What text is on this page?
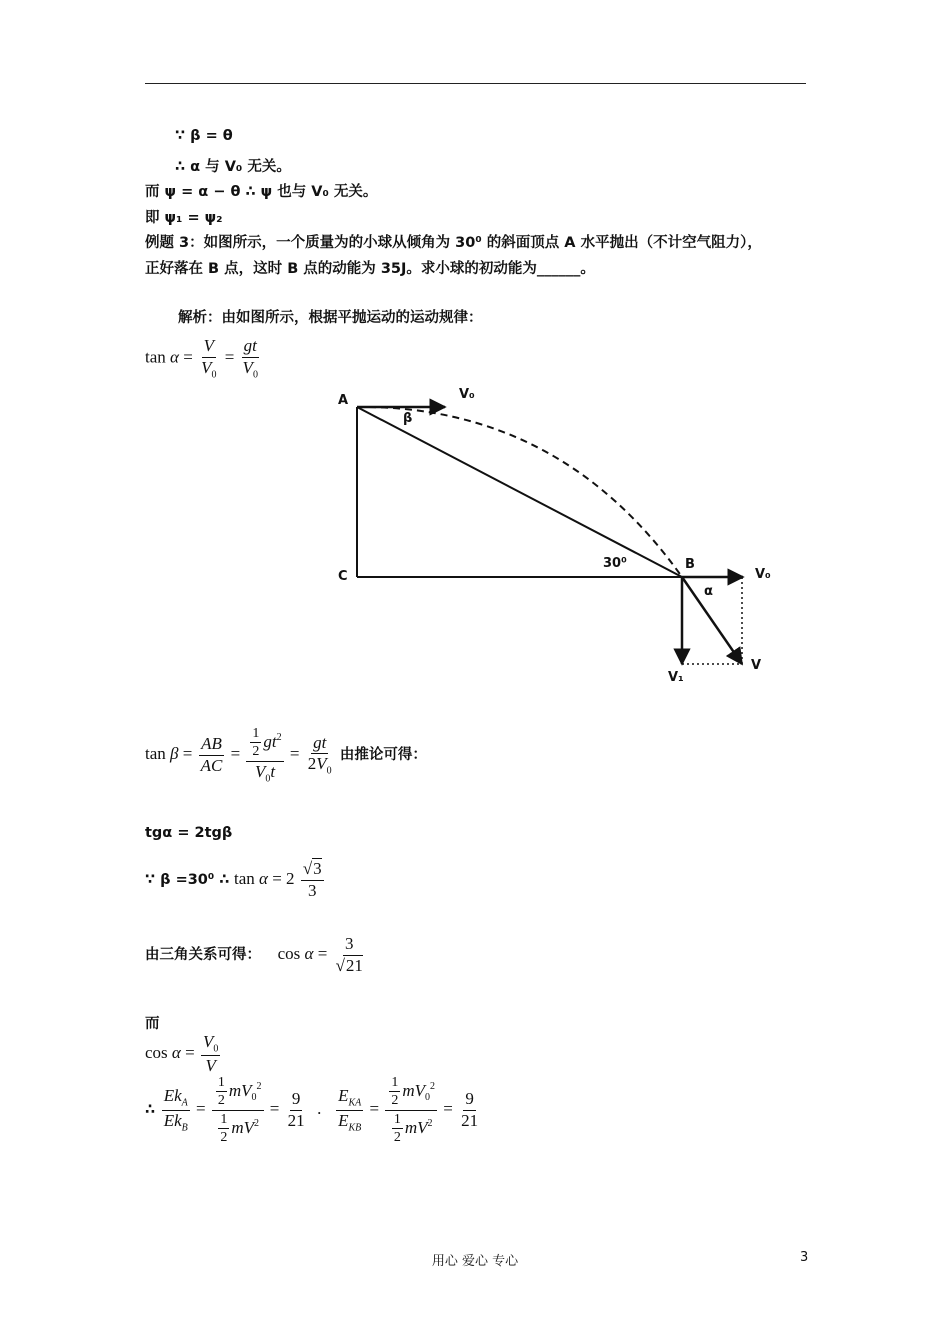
∵ β = θ
∴ α 与 V₀ 无关。
而 ψ = α − θ ∴ ψ 也与 V₀ 无关。
即 ψ₁ = ψ₂
例题 3：如图所示，一个质量为的小球从倾角为 30⁰ 的斜面顶点 A 水平抛出（不计空气阻力），
正好落在 B 点，这时 B 点的动能为 35J。求小球的初动能为______。
解析：由如图所示，根据平抛运动的运动规律：
$\tan \alpha = \frac{V}{V_0} = \frac{gt}{V_0}$
A
C
B
V₀
V₀
V₁
V
β
α
30⁰
$\tan \beta = \frac{AB}{AC} = \frac{\frac{1}{2} gt^2}{V_0t} = \frac{gt}{2V_0}$ 由推论可得：
tgα = 2tgβ
∵ β =30⁰ ∴ $\tan \alpha = 2 \frac{√3}{3}$
由三角关系可得： $\cos \alpha = \frac{3}{√21}$
而
$\cos \alpha = \frac{V_0}{V}$
∴ $\frac{Ek_A}{Ek_B} = \frac{\frac{1}{2} mV_0^2}{\frac{1}{2} mV^2} = \frac{9}{21}$ . $\frac{E_{KA}}{E_{KB}} = \frac{\frac{1}{2} mV_0^2}{\frac{1}{2} mV^2} = \frac{9}{21}$
用心 爱心 专心	3
